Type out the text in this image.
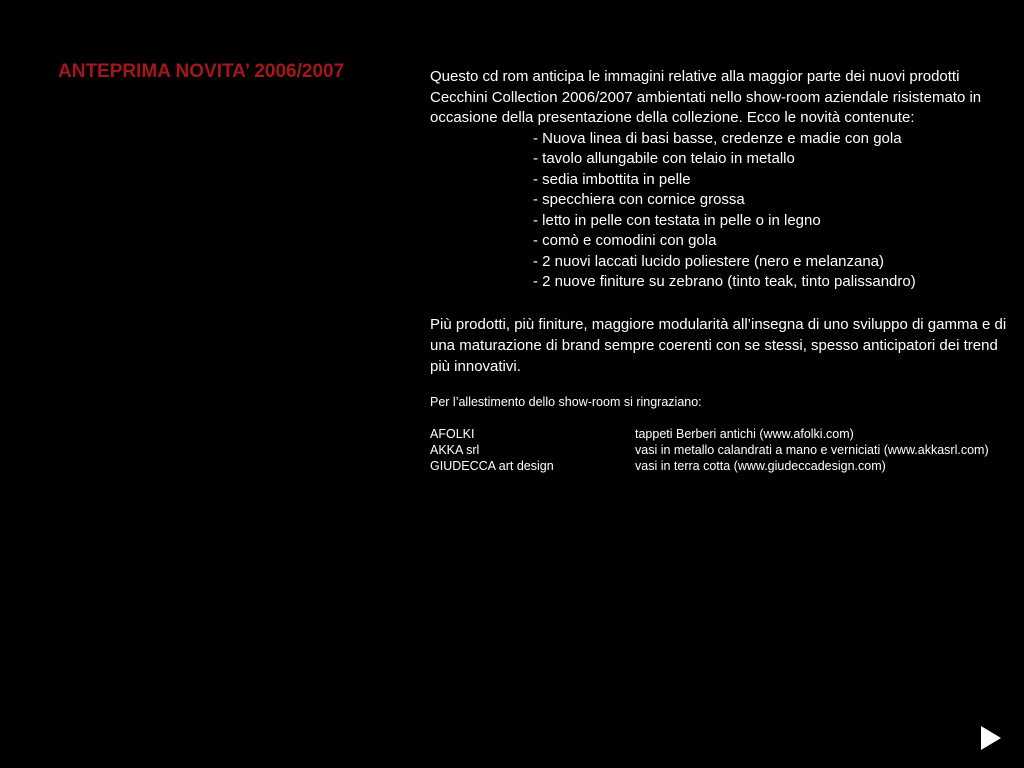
ANTEPRIMA NOVITA’ 2006/2007	Questo cd rom anticipa le immagini relative alla maggior parte dei nuovi prodotti Cecchini Collection 2006/2007 ambientati nello show-room aziendale risistemato in occasione della presentazione della collezione. Ecco le novità contenute:

- Nuova linea di basi basse, credenze e madie con gola
- tavolo allungabile con telaio in metallo
- sedia imbottita in pelle
- specchiera con cornice grossa
- letto in pelle con testata in pelle o in legno
- comò e comodini con gola
- 2 nuovi laccati lucido poliestere (nero e melanzana)
- 2 nuove finiture su zebrano (tinto teak, tinto palissandro)

Più prodotti, più finiture, maggiore modularità all’insegna di uno sviluppo di gamma e di una maturazione di brand sempre coerenti con se stessi, spesso anticipatori dei trend più innovativi.

Per l’allestimento dello show-room si ringraziano:

AFOLKI	tappeti Berberi antichi (www.afolki.com)
AKKA srl	vasi in metallo calandrati a mano e verniciati (www.akkasrl.com)
GIUDECCA art design	vasi in terra cotta (www.giudeccadesign.com)
